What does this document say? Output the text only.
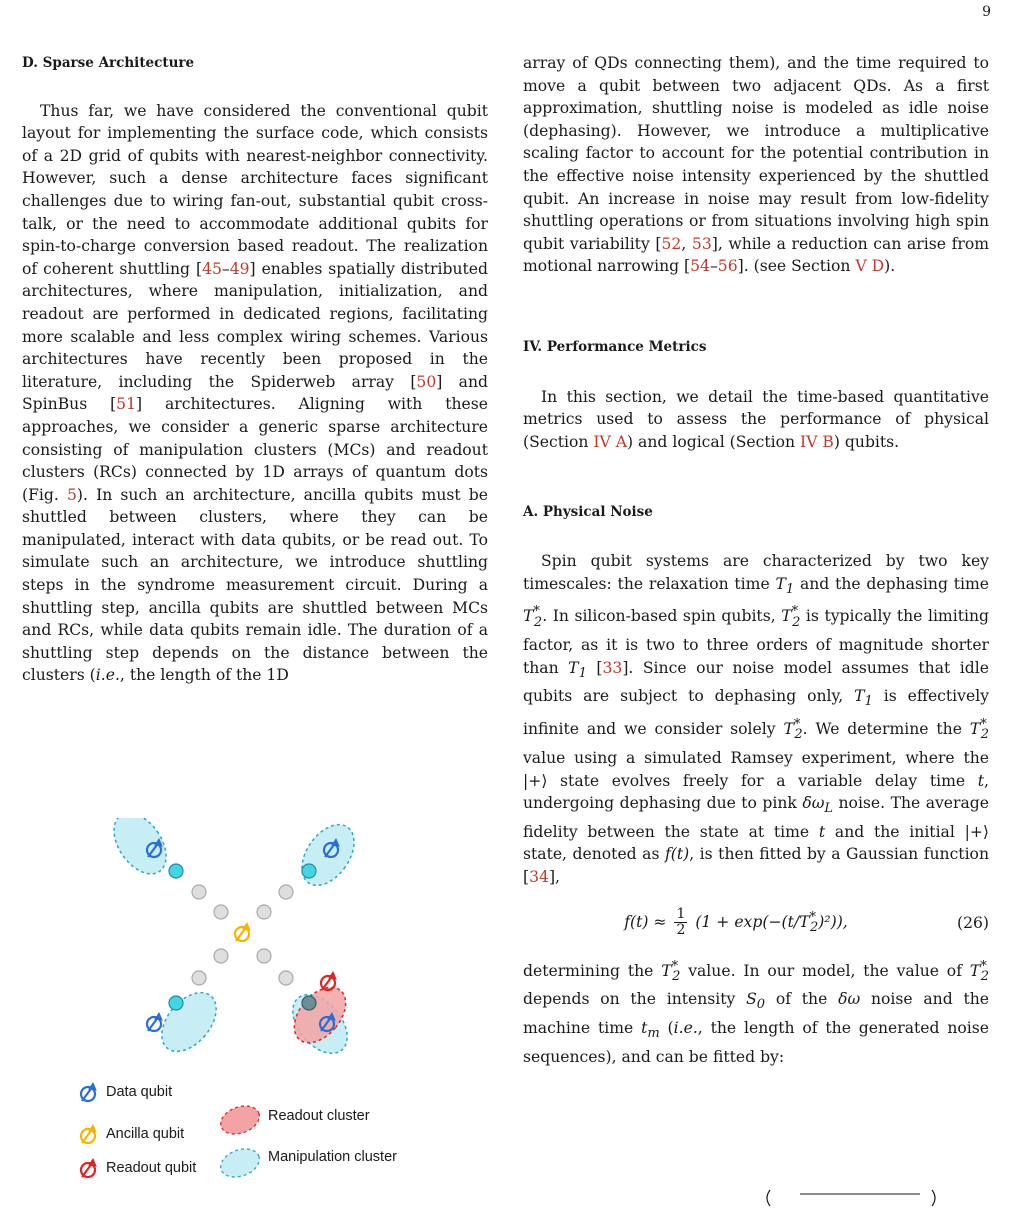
9

D. Sparse Architecture

Thus far, we have considered the conventional qubit layout for implementing the surface code, which consists of a 2D grid of qubits with nearest-neighbor connectivity. However, such a dense architecture faces significant challenges due to wiring fan-out, substantial qubit cross-talk, or the need to accommodate additional qubits for spin-to-charge conversion based readout. The realization of coherent shuttling [45–49] enables spatially distributed architectures, where manipulation, initialization, and readout are performed in dedicated regions, facilitating more scalable and less complex wiring schemes. Various architectures have recently been proposed in the literature, including the Spiderweb array [50] and SpinBus [51] architectures. Aligning with these approaches, we consider a generic sparse architecture consisting of manipulation clusters (MCs) and readout clusters (RCs) connected by 1D arrays of quantum dots (Fig. 5). In such an architecture, ancilla qubits must be shuttled between clusters, where they can be manipulated, interact with data qubits, or be read out. To simulate such an architecture, we introduce shuttling steps in the syndrome measurement circuit. During a shuttling step, ancilla qubits are shuttled between MCs and RCs, while data qubits remain idle. The duration of a shuttling step depends on the distance between the clusters (i.e., the length of the 1D

Data qubit
Ancilla qubit
Readout qubit
Readout cluster
Manipulation cluster

array of QDs connecting them), and the time required to move a qubit between two adjacent QDs. As a first approximation, shuttling noise is modeled as idle noise (dephasing). However, we introduce a multiplicative scaling factor to account for the potential contribution in the effective noise intensity experienced by the shuttled qubit. An increase in noise may result from low-fidelity shuttling operations or from situations involving high spin qubit variability [52, 53], while a reduction can arise from motional narrowing [54–56]. (see Section V D).

IV. Performance Metrics

In this section, we detail the time-based quantitative metrics used to assess the performance of physical (Section IV A) and logical (Section IV B) qubits.

A. Physical Noise

Spin qubit systems are characterized by two key timescales: the relaxation time $T_1$ and the dephasing time $T^*_2$. In silicon-based spin qubits, $T^*_2$ is typically the limiting factor, as it is two to three orders of magnitude shorter than $T_1$ [33]. Since our noise model assumes that idle qubits are subject to dephasing only, $T_1$ is effectively infinite and we consider solely $T^*_2$. We determine the $T^*_2$ value using a simulated Ramsey experiment, where the |+⟩ state evolves freely for a variable delay time t, undergoing dephasing due to pink $\delta\omega_L$ noise. The average fidelity between the state at time t and the initial |+⟩ state, denoted as f(t), is then fitted by a Gaussian function [34],

$f(t) \approx \frac{1}{2} (1 + \exp(-(t/T^*_2)^2))$,	(26)

determining the $T^*_2$ value. In our model, the value of $T^*_2$ depends on the intensity $S_0$ of the δω noise and the machine time $t_m$ (i.e., the length of the generated noise sequences), and can be fitted by:
